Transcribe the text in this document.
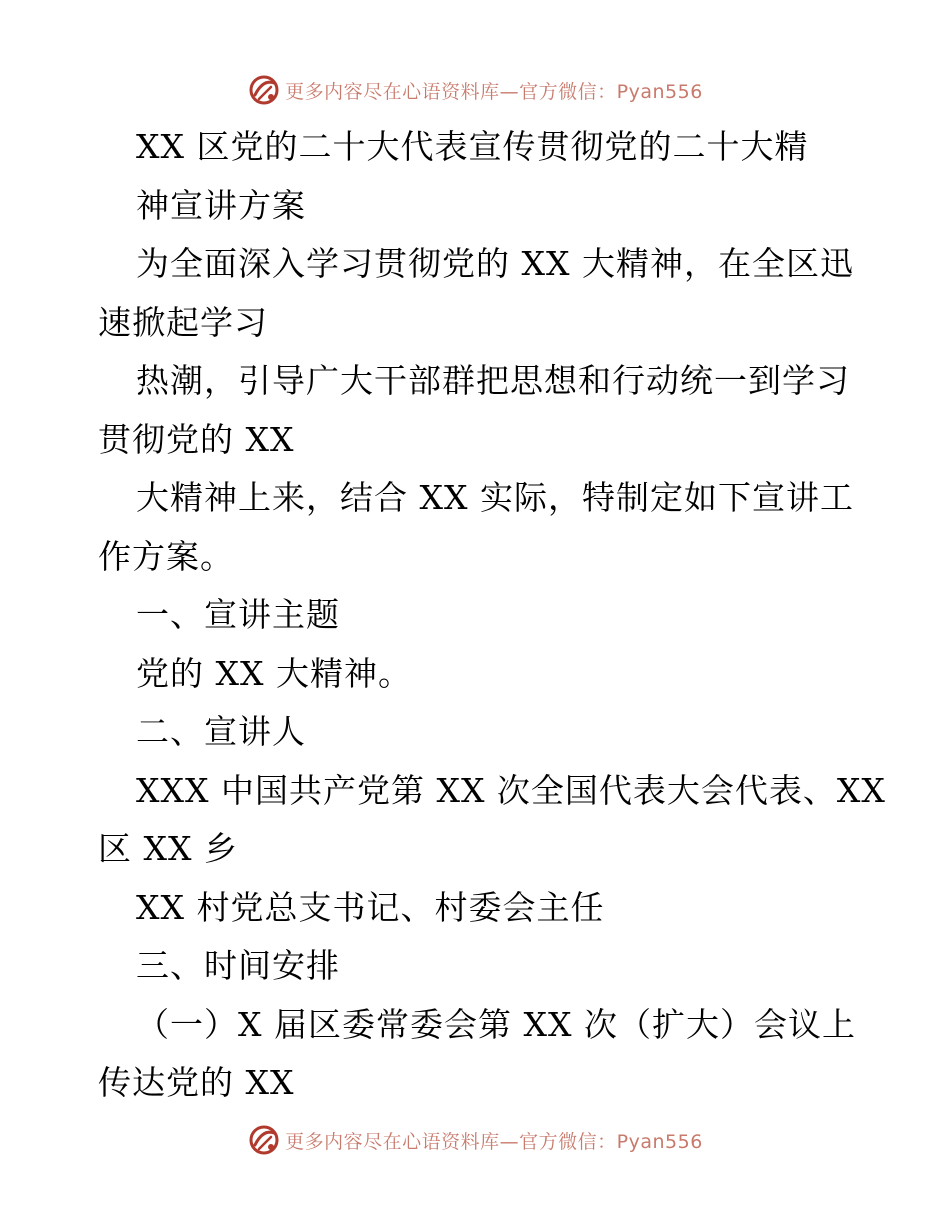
更多内容尽在心语资料库—官方微信：Pyan556
XX 区党的二十大代表宣传贯彻党的二十大精
神宣讲方案
为全面深入学习贯彻党的 XX 大精神，在全区迅
速掀起学习
热潮，引导广大干部群把思想和行动统一到学习
贯彻党的 XX
大精神上来，结合 XX 实际，特制定如下宣讲工
作方案。
一、宣讲主题
党的 XX 大精神。
二、宣讲人
XXX 中国共产党第 XX 次全国代表大会代表、XX
区 XX 乡
XX 村党总支书记、村委会主任
三、时间安排
（一）X 届区委常委会第 XX 次（扩大）会议上
传达党的 XX
更多内容尽在心语资料库—官方微信：Pyan556
